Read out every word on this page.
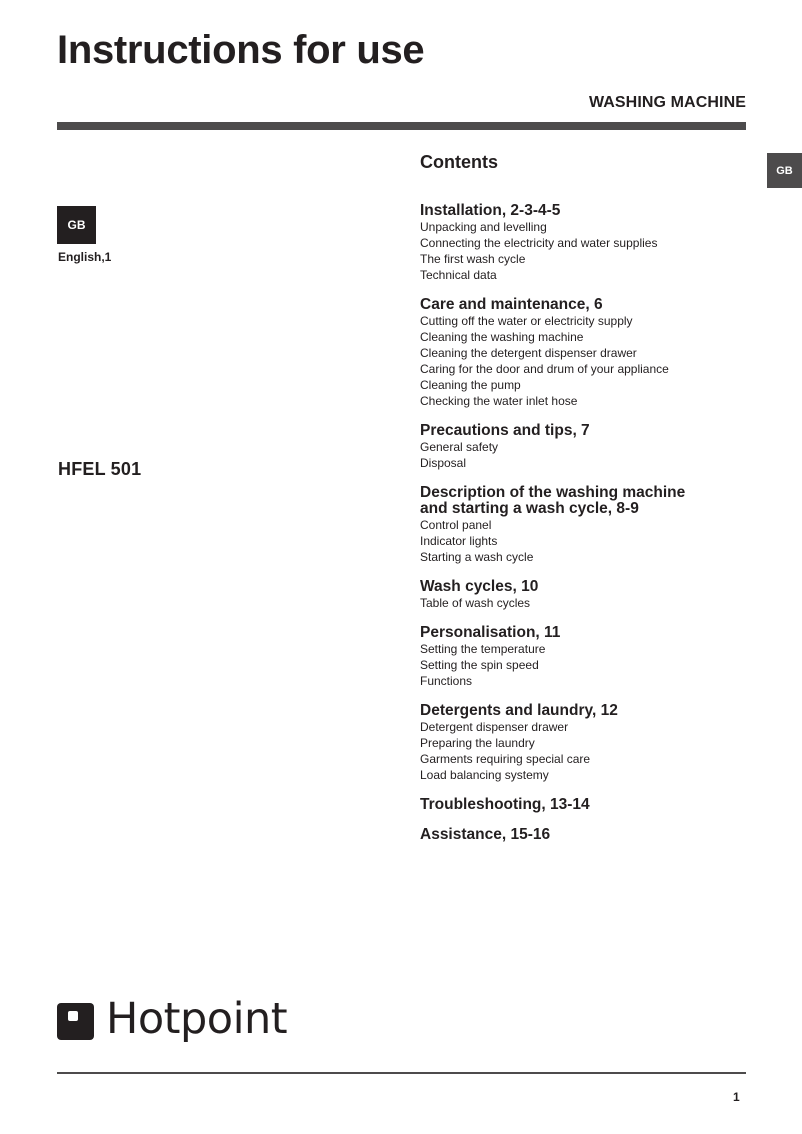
Instructions for use
WASHING MACHINE
GB
GB
English,1
HFEL 501
Contents
Installation, 2-3-4-5
Unpacking and levelling
Connecting the electricity and water supplies
The first wash cycle
Technical data
Care and maintenance, 6
Cutting off the water or electricity supply
Cleaning the washing machine
Cleaning the detergent dispenser drawer
Caring for the door and drum of your appliance
Cleaning the pump
Checking the water inlet hose
Precautions and tips, 7
General safety
Disposal
Description of the washing machine
and starting a wash cycle, 8-9
Control panel
Indicator lights
Starting a wash cycle
Wash cycles, 10
Table of wash cycles
Personalisation, 11
Setting the temperature
Setting the spin speed
Functions
Detergents and laundry, 12
Detergent dispenser drawer
Preparing the laundry
Garments requiring special care
Load balancing systemy
Troubleshooting, 13-14
Assistance, 15-16
Hotpoint
1
